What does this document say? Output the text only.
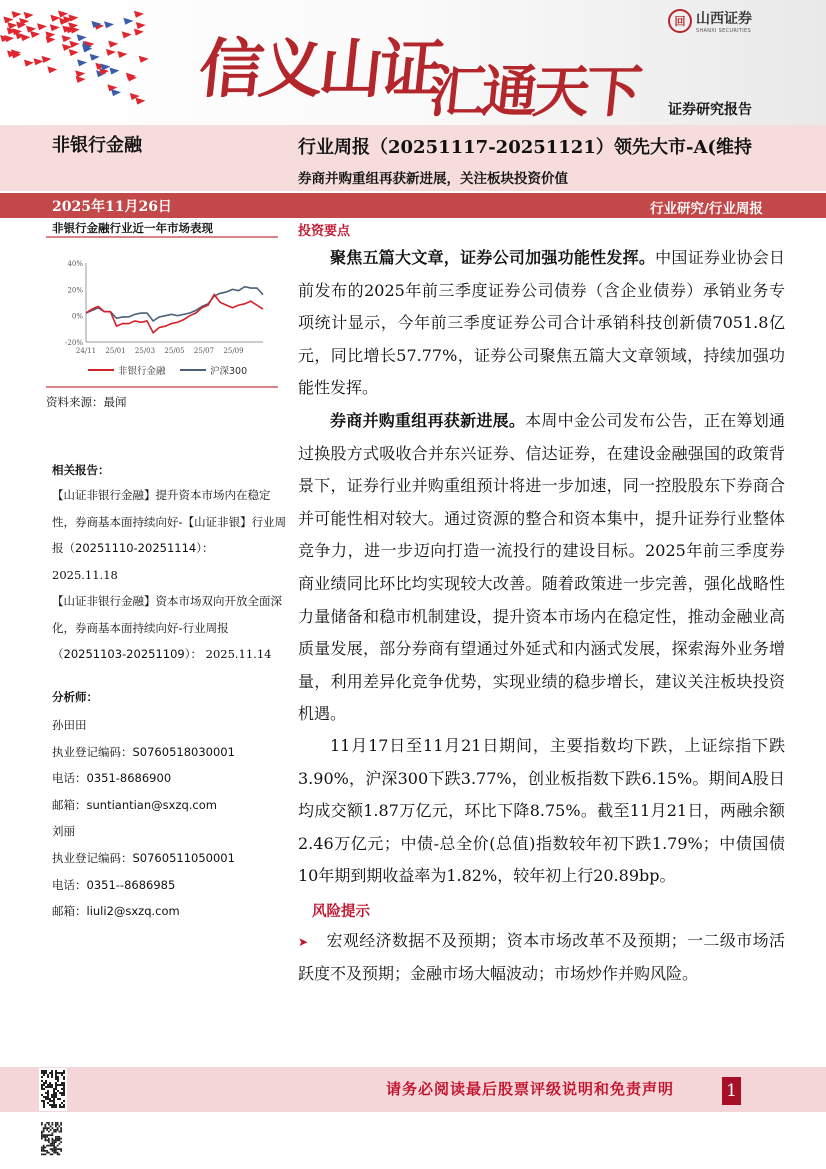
信义山证
汇通天下
回 山西证券
SHANXI SECURITIES
证券研究报告
非银行金融	行业周报（20251117-20251121） 领先大市-A(维持
券商并购重组再获新进展，关注板块投资价值
2025年11月26日	行业研究/行业周报
非银行金融行业近一年市场表现
40%
20%
0%
-20%
24/11 25/01 25/03 25/05 25/07 25/09
非银行金融	沪深300
资料来源：最闻
相关报告：
【山证非银行金融】提升资本市场内在稳定性，券商基本面持续向好-【山证非银】行业周报（20251110-20251114）：
2025.11.18
【山证非银行金融】资本市场双向开放全面深化，券商基本面持续向好-行业周报（20251103-20251109）： 2025.11.14
分析师：
孙田田
执业登记编码：S0760518030001
电话：0351-8686900
邮箱：suntiantian@sxzq.com
刘丽
执业登记编码：S0760511050001
电话：0351--8686985
邮箱：liuli2@sxzq.com
投资要点
聚焦五篇大文章，证券公司加强功能性发挥。中国证券业协会日前发布的2025年前三季度证券公司债券（含企业债券）承销业务专项统计显示，今年前三季度证券公司合计承销科技创新债7051.8亿元，同比增长57.77%，证券公司聚焦五篇大文章领域，持续加强功能性发挥。
券商并购重组再获新进展。本周中金公司发布公告，正在筹划通过换股方式吸收合并东兴证券、信达证券，在建设金融强国的政策背景下，证券行业并购重组预计将进一步加速，同一控股股东下券商合并可能性相对较大。通过资源的整合和资本集中，提升证券行业整体竞争力，进一步迈向打造一流投行的建设目标。2025年前三季度券商业绩同比环比均实现较大改善。随着政策进一步完善，强化战略性力量储备和稳市机制建设，提升资本市场内在稳定性，推动金融业高质量发展，部分券商有望通过外延式和内涵式发展，探索海外业务增量，利用差异化竞争优势，实现业绩的稳步增长，建议关注板块投资机遇。
11月17日至11月21日期间，主要指数均下跌，上证综指下跌3.90%，沪深300下跌3.77%，创业板指数下跌6.15%。期间A股日均成交额1.87万亿元，环比下降8.75%。截至11月21日，两融余额2.46万亿元；中债-总全价(总值)指数较年初下跌1.79%；中债国债10年期到期收益率为1.82%，较年初上行20.89bp。
风险提示
➤ 宏观经济数据不及预期；资本市场改革不及预期；一二级市场活跃度不及预期；金融市场大幅波动；市场炒作并购风险。
请务必阅读最后股票评级说明和免责声明	1
